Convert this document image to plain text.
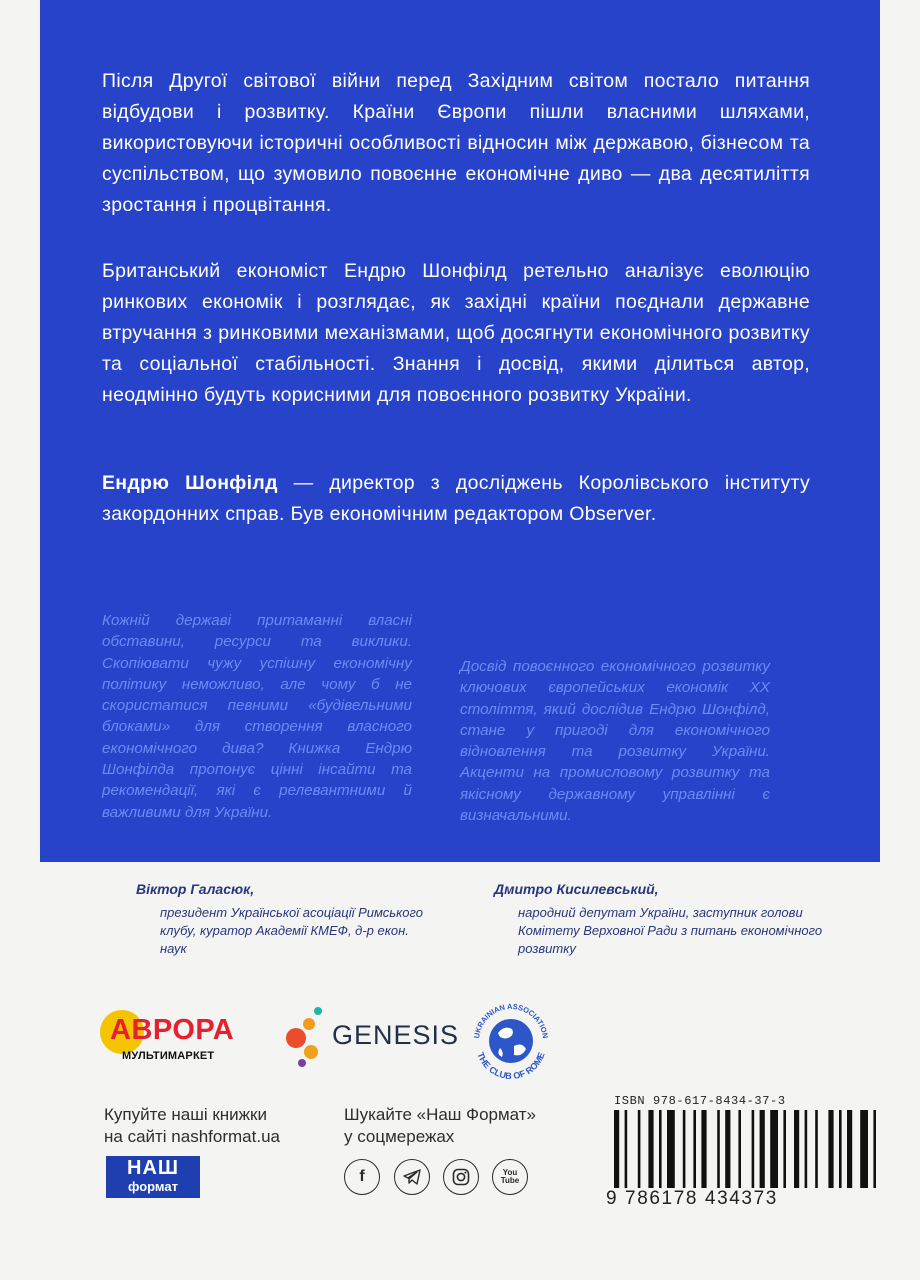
Після Другої світової війни перед Західним світом постало питання відбудови і розвитку. Країни Європи пішли власними шляхами, використовуючи історичні особливості відносин між державою, бізнесом та суспільством, що зумовило повоєнне економічне диво — два десятиліття зростання і процвітання.

Британський економіст Ендрю Шонфілд ретельно аналізує еволюцію ринкових економік і розглядає, як західні країни поєднали державне втручання з ринковими механізмами, щоб досягнути економічного розвитку та соціальної стабільності. Знання і досвід, якими ділиться автор, неодмінно будуть корисними для повоєнного розвитку України.

Ендрю Шонфілд — директор з досліджень Королівського інституту закордонних справ. Був економічним редактором Observer.

Кожній державі притаманні власні обставини, ресурси та виклики. Скопіювати чужу успішну економічну політику неможливо, але чому б не скористатися певними «будівельними блоками» для створення власного економічного дива? Книжка Ендрю Шонфілда пропонує цінні інсайти та рекомендації, які є релевантними й важливими для України.

Досвід повоєнного економічного розвитку ключових європейських економік XX століття, який дослідив Ендрю Шонфілд, стане у пригоді для економічного відновлення та розвитку України. Акценти на промисловому розвитку та якісному державному управлінні є визначальними.

Віктор Галасюк,
президент Української асоціації Римського клубу, куратор Академії КМЕФ, д-р екон. наук
Дмитро Кисилевський,
народний депутат України, заступник голови Комітету Верховної Ради з питань економічного розвитку
АВРОРА
МУЛЬТИМАРКЕТ
GENESIS UKRAINIAN ASSOCIATION
THE CLUB OF ROME

Купуйте наші книжки
на сайті nashformat.ua

Шукайте «Наш Формат»
у соцмережах

НАШ
формат
f	You
Tube
ISBN 978-617-8434-37-3
9 786178 434373
